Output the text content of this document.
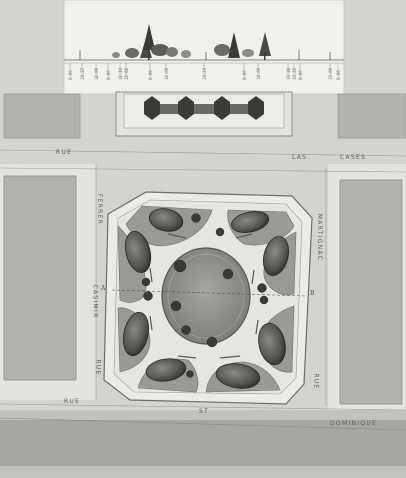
RUE
LAS	CASES
FERRER
MARTIGNAC
CASIMIR
RUE
RUE
RUE
ST
DOMINIQUE
A
B
0.00 13.27 12.00 0.00 12.10 12.80	0.00	12.00	13.20	0.00 14.00	13.36 13.20 0.00	13.00 0.00
